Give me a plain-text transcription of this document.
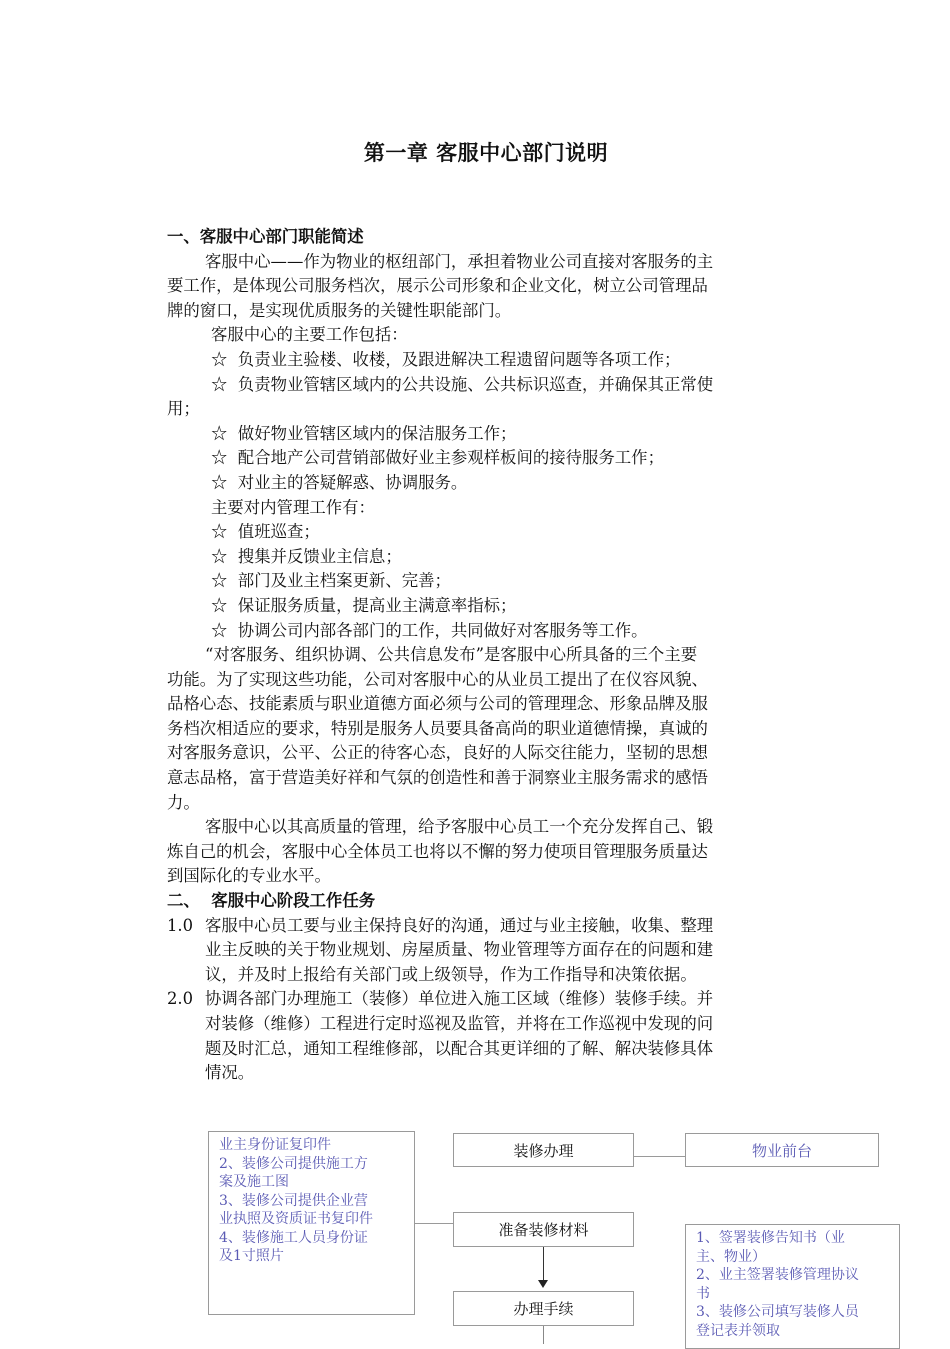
第一章 客服中心部门说明
一、客服中心部门职能简述
客服中心——作为物业的枢纽部门，承担着物业公司直接对客服务的主
要工作，是体现公司服务档次，展示公司形象和企业文化，树立公司管理品
牌的窗口，是实现优质服务的关键性职能部门。
客服中心的主要工作包括：
☆  负责业主验楼、收楼，及跟进解决工程遗留问题等各项工作；
☆  负责物业管辖区域内的公共设施、公共标识巡查，并确保其正常使
用；
☆  做好物业管辖区域内的保洁服务工作；
☆  配合地产公司营销部做好业主参观样板间的接待服务工作；
☆  对业主的答疑解惑、协调服务。
主要对内管理工作有：
☆  值班巡查；
☆  搜集并反馈业主信息；
☆  部门及业主档案更新、完善；
☆  保证服务质量，提高业主满意率指标；
☆  协调公司内部各部门的工作，共同做好对客服务等工作。
“对客服务、组织协调、公共信息发布”是客服中心所具备的三个主要
功能。为了实现这些功能，公司对客服中心的从业员工提出了在仪容风貌、
品格心态、技能素质与职业道德方面必须与公司的管理理念、形象品牌及服
务档次相适应的要求，特别是服务人员要具备高尚的职业道德情操，真诚的
对客服务意识，公平、公正的待客心态，良好的人际交往能力，坚韧的思想
意志品格，富于营造美好祥和气氛的创造性和善于洞察业主服务需求的感悟
力。
客服中心以其高质量的管理，给予客服中心员工一个充分发挥自己、锻
炼自己的机会，客服中心全体员工也将以不懈的努力使项目管理服务质量达
到国际化的专业水平。
二、  客服中心阶段工作任务
1.0 客服中心员工要与业主保持良好的沟通，通过与业主接触，收集、整理
业主反映的关于物业规划、房屋质量、物业管理等方面存在的问题和建
议，并及时上报给有关部门或上级领导，作为工作指导和决策依据。
2.0 协调各部门办理施工（装修）单位进入施工区域（维修）装修手续。并
对装修（维修）工程进行定时巡视及监管，并将在工作巡视中发现的问
题及时汇总，通知工程维修部，以配合其更详细的了解、解决装修具体
情况。
业主身份证复印件
2、装修公司提供施工方
案及施工图
3、装修公司提供企业营
业执照及资质证书复印件
4、装修施工人员身份证
及1寸照片
装修办理	物业前台
准备装修材料
办理手续
1、签署装修告知书（业
主、物业）
2、业主签署装修管理协议
书
3、装修公司填写装修人员
登记表并领取
